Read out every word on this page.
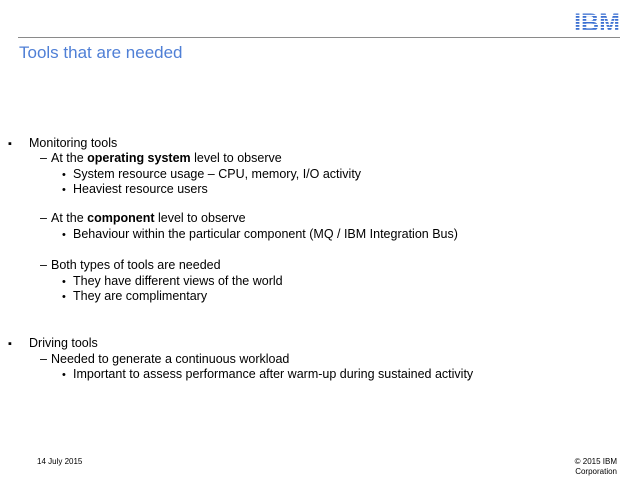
IBM
Tools that are needed
▪ Monitoring tools
– At the operating system level to observe
• System resource usage – CPU, memory, I/O activity
• Heaviest resource users
– At the component level to observe
• Behaviour within the particular component (MQ / IBM Integration Bus)
– Both types of tools are needed
• They have different views of the world
• They are complimentary
▪ Driving tools
– Needed to generate a continuous workload
• Important to assess performance after warm-up during sustained activity
14 July 2015	© 2015 IBM
Corporation
